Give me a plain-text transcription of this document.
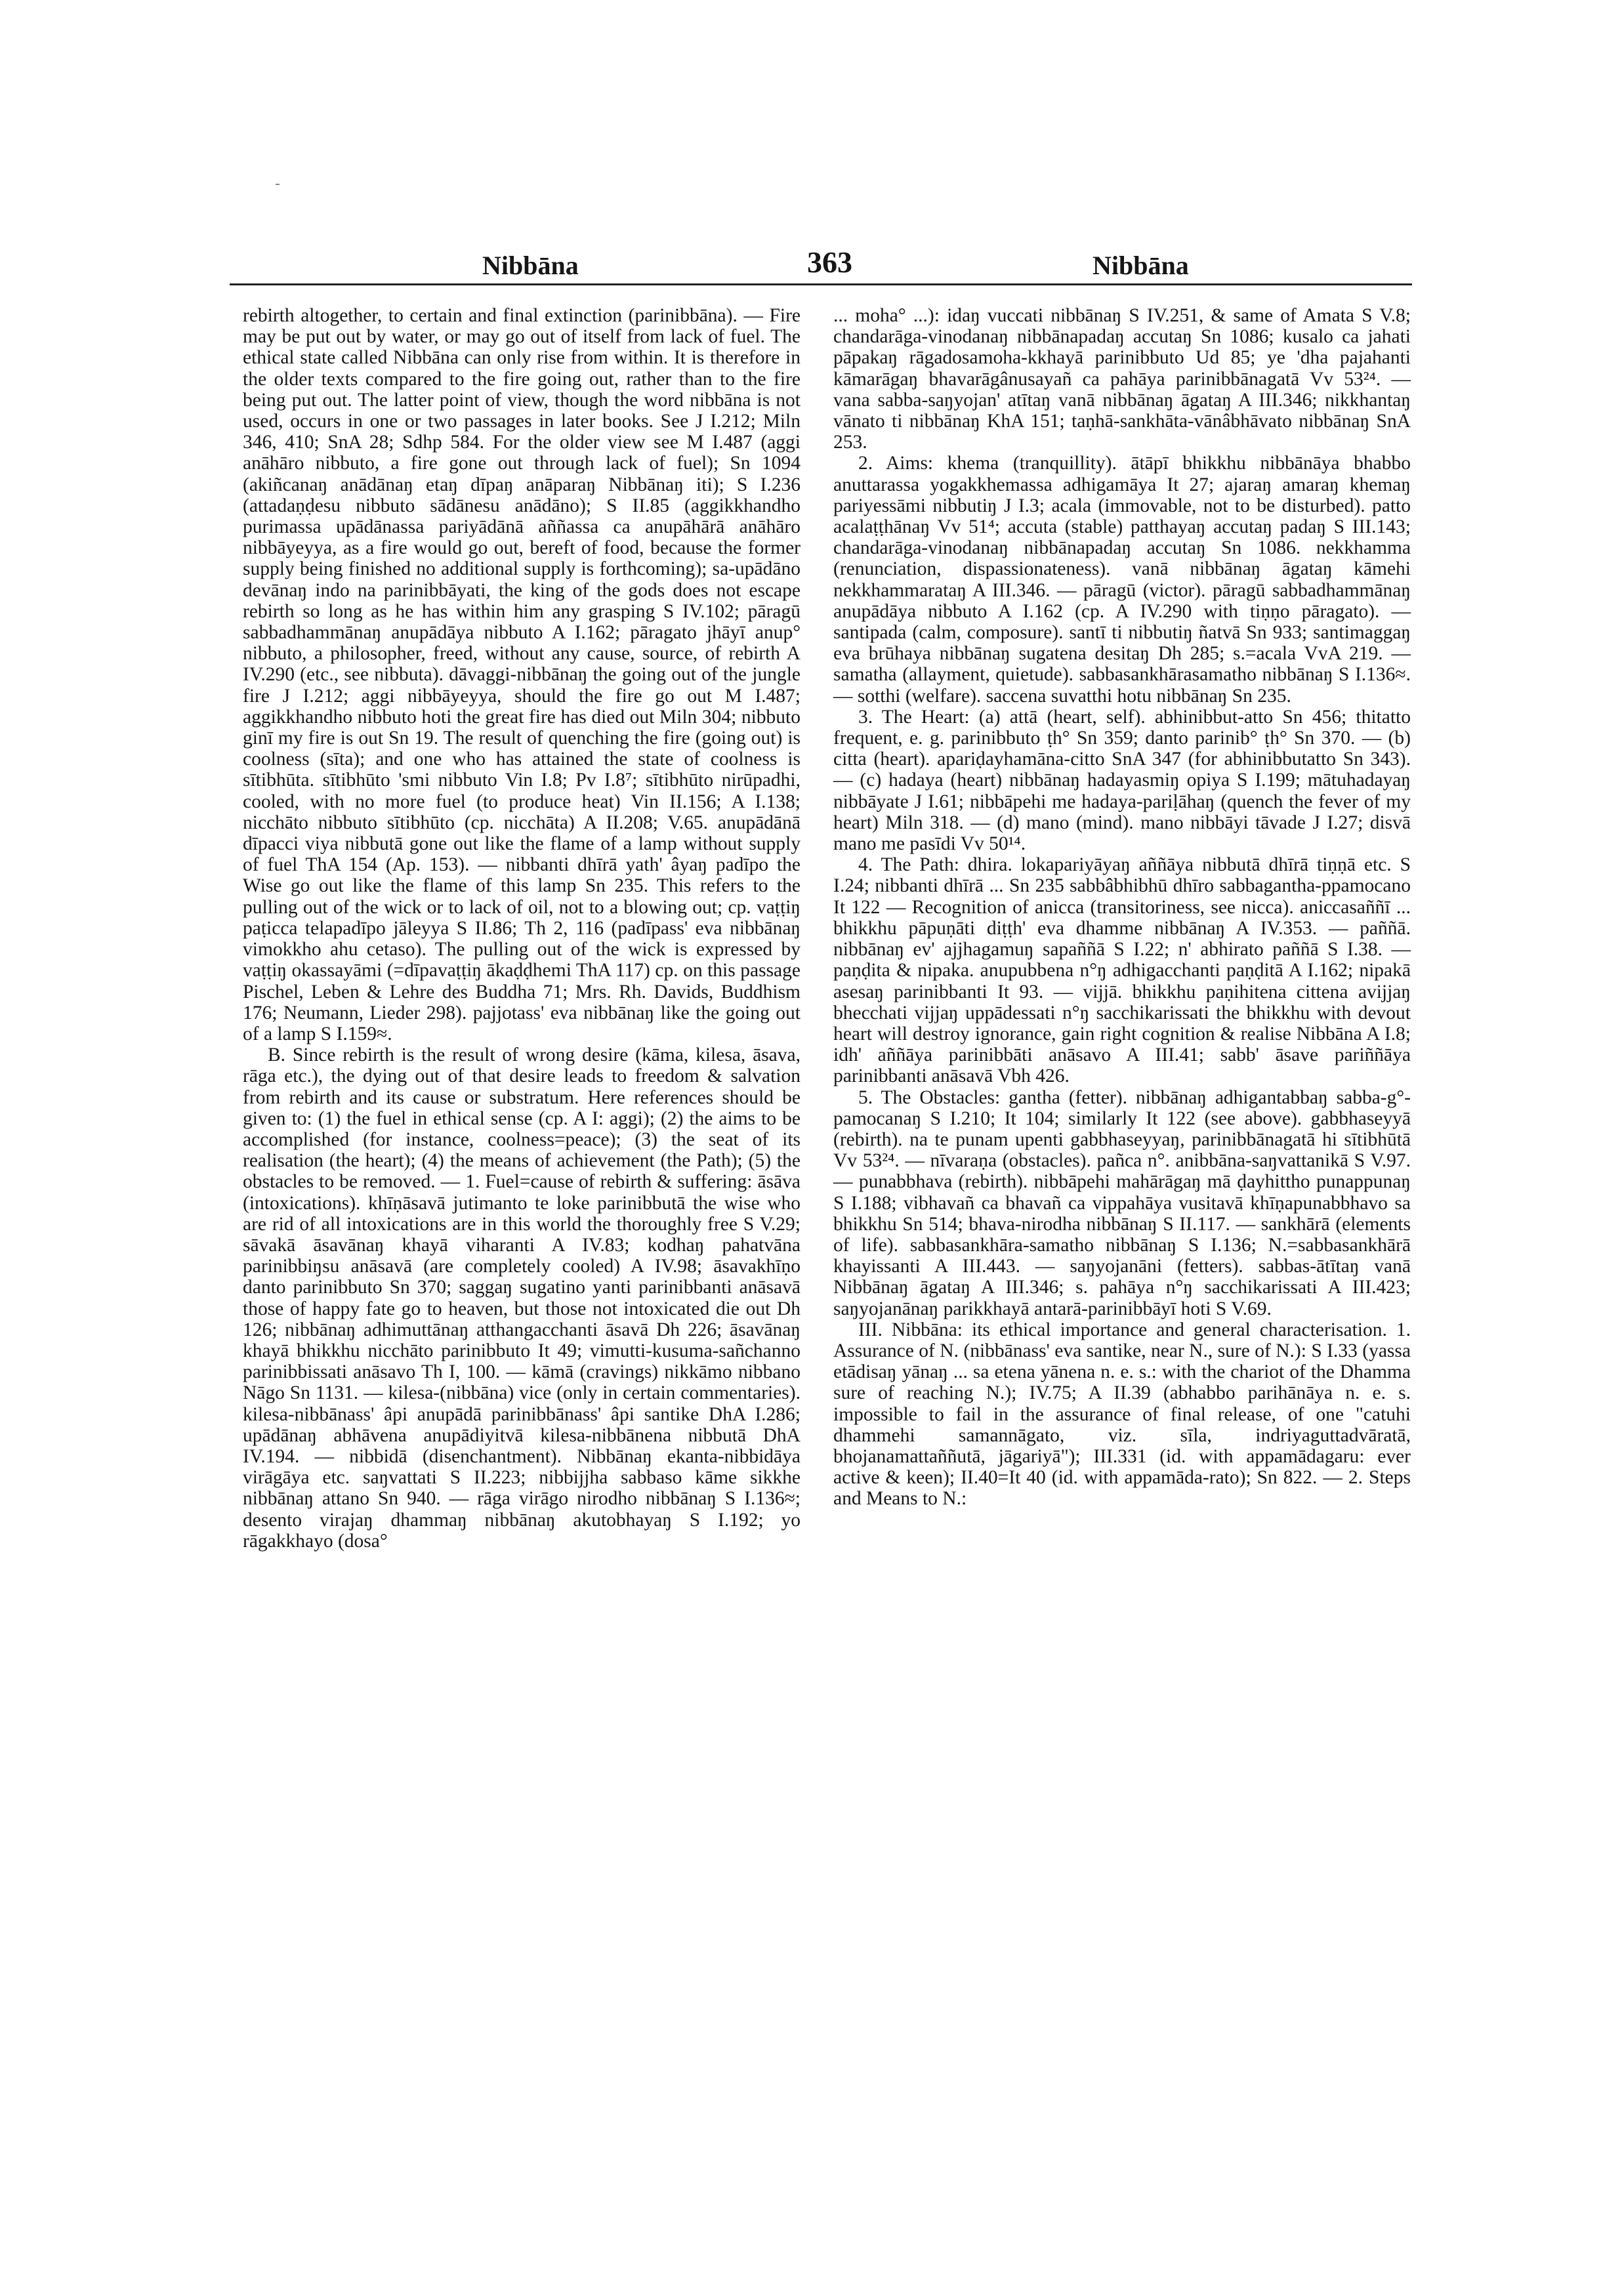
Nibbāna	363	Nibbāna

rebirth altogether, to certain and final extinction (parinibbāna). — Fire may be put out by water, or may go out of itself from lack of fuel. The ethical state called Nibbāna can only rise from within. It is therefore in the older texts compared to the fire going out, rather than to the fire being put out. The latter point of view, though the word nibbāna is not used, occurs in one or two passages in later books. See J I.212; Miln 346, 410; SnA 28; Sdhp 584. For the older view see M I.487 (aggi anāhāro nibbuto, a fire gone out through lack of fuel); Sn 1094 (akiñcanaŋ anādānaŋ etaŋ dīpaŋ anāparaŋ Nibbānaŋ iti); S I.236 (attadaṇḍesu nibbuto sādānesu anādāno); S II.85 (aggikkhandho purimassa upādānassa pariyādānā aññassa ca anupāhārā anāhāro nibbāyeyya, as a fire would go out, bereft of food, because the former supply being finished no additional supply is forthcoming); sa-upādāno devānaŋ indo na parinibbāyati, the king of the gods does not escape rebirth so long as he has within him any grasping S IV.102; pāragū sabbadhammānaŋ anupādāya nibbuto A I.162; pāragato jhāyī anup° nibbuto, a philosopher, freed, without any cause, source, of rebirth A IV.290 (etc., see nibbuta). dāvaggi-nibbānaŋ the going out of the jungle fire J I.212; aggi nibbāyeyya, should the fire go out M I.487; aggikkhandho nibbuto hoti the great fire has died out Miln 304; nibbuto ginī my fire is out Sn 19. The result of quenching the fire (going out) is coolness (sīta); and one who has attained the state of coolness is sītibhūta. sītibhūto 'smi nibbuto Vin I.8; Pv I.8⁷; sītibhūto nirūpadhi, cooled, with no more fuel (to produce heat) Vin II.156; A I.138; nicchāto nibbuto sītibhūto (cp. nicchāta) A II.208; V.65. anupādānā dīpacci viya nibbutā gone out like the flame of a lamp without supply of fuel ThA 154 (Ap. 153). — nibbanti dhīrā yath' âyaŋ padīpo the Wise go out like the flame of this lamp Sn 235. This refers to the pulling out of the wick or to lack of oil, not to a blowing out; cp. vaṭṭiŋ paṭicca telapadīpo jāleyya S II.86; Th 2, 116 (padīpass' eva nibbānaŋ vimokkho ahu cetaso). The pulling out of the wick is expressed by vaṭṭiŋ okassayāmi (=dīpavaṭṭiŋ ākaḍḍhemi ThA 117) cp. on this passage Pischel, Leben & Lehre des Buddha 71; Mrs. Rh. Davids, Buddhism 176; Neumann, Lieder 298). pajjotass' eva nibbānaŋ like the going out of a lamp S I.159≈.

B. Since rebirth is the result of wrong desire (kāma, kilesa, āsava, rāga etc.), the dying out of that desire leads to freedom & salvation from rebirth and its cause or substratum. Here references should be given to: (1) the fuel in ethical sense (cp. A I: aggi); (2) the aims to be accomplished (for instance, coolness=peace); (3) the seat of its realisation (the heart); (4) the means of achievement (the Path); (5) the obstacles to be removed. — 1. Fuel=cause of rebirth & suffering: āsāva (intoxications). khīṇāsavā jutimanto te loke parinibbutā the wise who are rid of all intoxications are in this world the thoroughly free S V.29; sāvakā āsavānaŋ khayā viharanti A IV.83; kodhaŋ pahatvāna parinibbiŋsu anāsavā (are completely cooled) A IV.98; āsavakhīṇo danto parinibbuto Sn 370; saggaŋ sugatino yanti parinibbanti anāsavā those of happy fate go to heaven, but those not intoxicated die out Dh 126; nibbānaŋ adhimuttānaŋ atthangacchanti āsavā Dh 226; āsavānaŋ khayā bhikkhu nicchāto parinibbuto It 49; vimutti-kusuma-sañchanno parinibbissati anāsavo Th I, 100. — kāmā (cravings) nikkāmo nibbano Nāgo Sn 1131. — kilesa-(nibbāna) vice (only in certain commentaries). kilesa-nibbānass' âpi anupādā parinibbānass' âpi santike DhA I.286; upādānaŋ abhāvena anupādiyitvā kilesa-nibbānena nibbutā DhA IV.194. — nibbidā (disenchantment). Nibbānaŋ ekanta-nibbidāya virāgāya etc. saŋvattati S II.223; nibbijjha sabbaso kāme sikkhe nibbānaŋ attano Sn 940. — rāga virāgo nirodho nibbānaŋ S I.136≈; desento virajaŋ dhammaŋ nibbānaŋ akutobhayaŋ S I.192; yo rāgakkhayo (dosa°

... moha° ...): idaŋ vuccati nibbānaŋ S IV.251, & same of Amata S V.8; chandarāga-vinodanaŋ nibbānapadaŋ accutaŋ Sn 1086; kusalo ca jahati pāpakaŋ rāgadosamoha-kkhayā parinibbuto Ud 85; ye 'dha pajahanti kāmarāgaŋ bhavarāgânusayañ ca pahāya parinibbānagatā Vv 53²⁴. — vana sabba-saŋyojan' atītaŋ vanā nibbānaŋ āgataŋ A III.346; nikkhantaŋ vānato ti nibbānaŋ KhA 151; taṇhā-sankhāta-vānâbhāvato nibbānaŋ SnA 253.

2. Aims: khema (tranquillity). ātāpī bhikkhu nibbānāya bhabbo anuttarassa yogakkhemassa adhigamāya It 27; ajaraŋ amaraŋ khemaŋ pariyessāmi nibbutiŋ J I.3; acala (immovable, not to be disturbed). patto acalaṭṭhānaŋ Vv 51⁴; accuta (stable) patthayaŋ accutaŋ padaŋ S III.143; chandarāga-vinodanaŋ nibbānapadaŋ accutaŋ Sn 1086. nekkhamma (renunciation, dispassionateness). vanā nibbānaŋ āgataŋ kāmehi nekkhammarataŋ A III.346. — pāragū (victor). pāragū sabbadhammānaŋ anupādāya nibbuto A I.162 (cp. A IV.290 with tiṇṇo pāragato). — santipada (calm, composure). santī ti nibbutiŋ ñatvā Sn 933; santimaggaŋ eva brūhaya nibbānaŋ sugatena desitaŋ Dh 285; s.=acala VvA 219. — samatha (allayment, quietude). sabbasankhārasamatho nibbānaŋ S I.136≈. — sotthi (welfare). saccena suvatthi hotu nibbānaŋ Sn 235.

3. The Heart: (a) attā (heart, self). abhinibbut-atto Sn 456; thitatto frequent, e. g. parinibbuto ṭh° Sn 359; danto parinib° ṭh° Sn 370. — (b) citta (heart). apariḍayhamāna-citto SnA 347 (for abhinibbutatto Sn 343). — (c) hadaya (heart) nibbānaŋ hadayasmiŋ opiya S I.199; mātuhadayaŋ nibbāyate J I.61; nibbāpehi me hadaya-pariḷāhaŋ (quench the fever of my heart) Miln 318. — (d) mano (mind). mano nibbāyi tāvade J I.27; disvā mano me pasīdi Vv 50¹⁴.

4. The Path: dhira. lokapariyāyaŋ aññāya nibbutā dhīrā tiṇṇā etc. S I.24; nibbanti dhīrā ... Sn 235 sabbâbhibhū dhīro sabbagantha-ppamocano It 122 — Recognition of anicca (transitoriness, see nicca). aniccasaññī ... bhikkhu pāpuṇāti diṭṭh' eva dhamme nibbānaŋ A IV.353. — paññā. nibbānaŋ ev' ajjhagamuŋ sapaññā S I.22; n' abhirato paññā S I.38. — paṇḍita & nipaka. anupubbena n°ŋ adhigacchanti paṇḍitā A I.162; nipakā asesaŋ parinibbanti It 93. — vijjā. bhikkhu paṇihitena cittena avijjaŋ bhecchati vijjaŋ uppādessati n°ŋ sacchikarissati the bhikkhu with devout heart will destroy ignorance, gain right cognition & realise Nibbāna A I.8; idh' aññāya parinibbāti anāsavo A III.41; sabb' āsave pariññāya parinibbanti anāsavā Vbh 426.

5. The Obstacles: gantha (fetter). nibbānaŋ adhigantabbaŋ sabba-g°-pamocanaŋ S I.210; It 104; similarly It 122 (see above). gabbhaseyyā (rebirth). na te punam upenti gabbhaseyyaŋ, parinibbānagatā hi sītibhūtā Vv 53²⁴. — nīvaraṇa (obstacles). pañca n°. anibbāna-saŋvattanikā S V.97. — punabbhava (rebirth). nibbāpehi mahārāgaŋ mā ḍayhittho punappunaŋ S I.188; vibhavañ ca bhavañ ca vippahāya vusitavā khīṇapunabbhavo sa bhikkhu Sn 514; bhava-nirodha nibbānaŋ S II.117. — sankhārā (elements of life). sabbasankhāra-samatho nibbānaŋ S I.136; N.=sabbasankhārā khayissanti A III.443. — saŋyojanāni (fetters). sabbas-ātītaŋ vanā Nibbānaŋ āgataŋ A III.346; s. pahāya n°ŋ sacchikarissati A III.423; saŋyojanānaŋ parikkhayā antarā-parinibbāyī hoti S V.69.

III. Nibbāna: its ethical importance and general characterisation. 1. Assurance of N. (nibbānass' eva santike, near N., sure of N.): S I.33 (yassa etādisaŋ yānaŋ ... sa etena yānena n. e. s.: with the chariot of the Dhamma sure of reaching N.); IV.75; A II.39 (abhabbo parihānāya n. e. s. impossible to fail in the assurance of final release, of one "catuhi dhammehi samannāgato, viz. sīla, indriyaguttadvāratā, bhojanamattaññutā, jāgariyā"); III.331 (id. with appamādagaru: ever active & keen); II.40=It 40 (id. with appamāda-rato); Sn 822. — 2. Steps and Means to N.:
